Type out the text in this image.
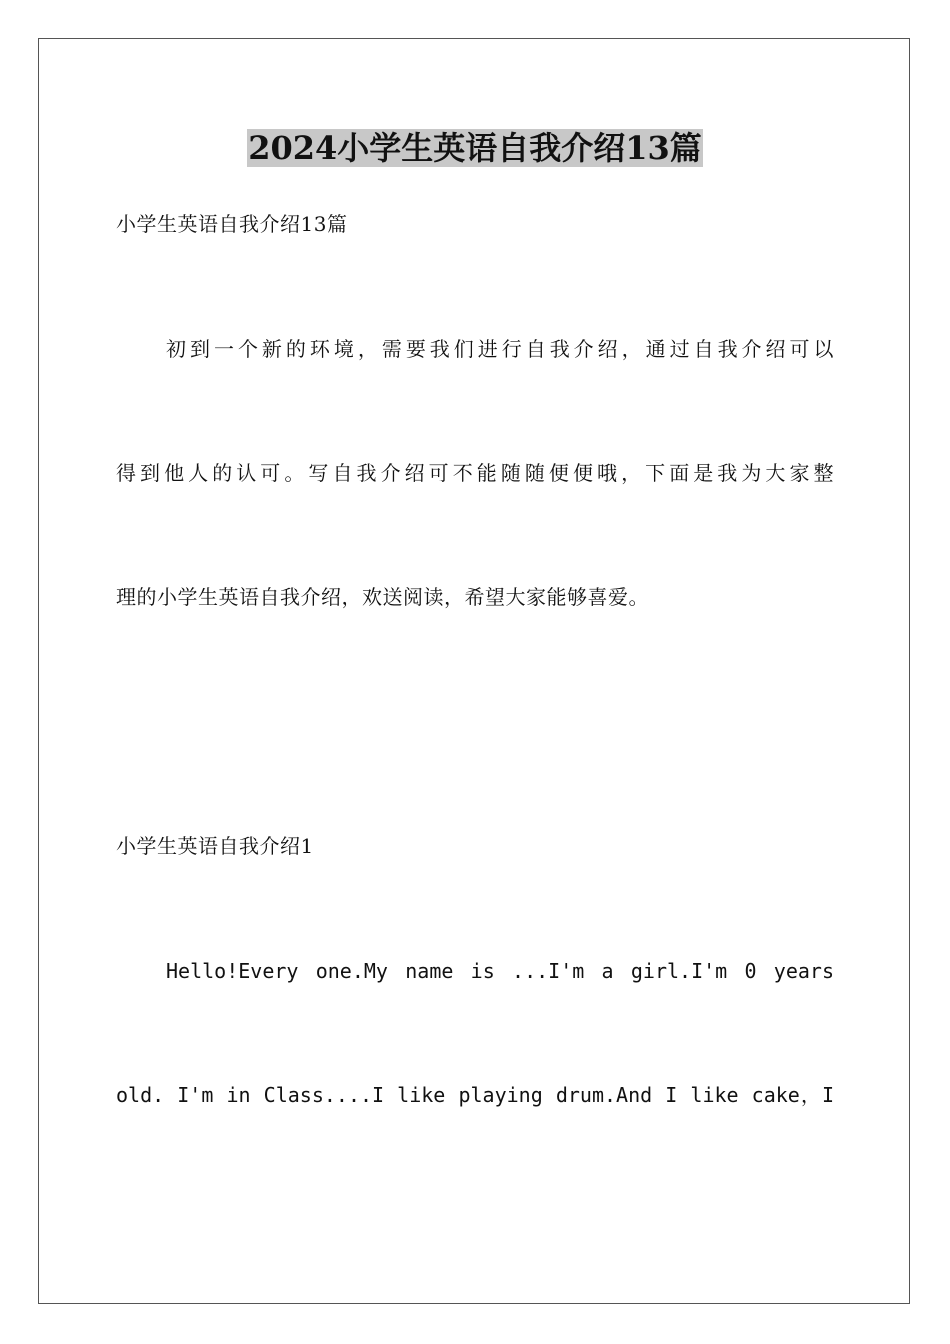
2024小学生英语自我介绍13篇

小学生英语自我介绍13篇

初到一个新的环境，需要我们进行自我介绍，通过自我介绍可以

得到他人的认可。写自我介绍可不能随随便便哦，下面是我为大家整

理的小学生英语自我介绍，欢送阅读，希望大家能够喜爱。

小学生英语自我介绍1

Hello!Every one.My name is ...I'm a girl.I'm 0 years

old. I'm in Class....I like playing drum.And I like cake，I
